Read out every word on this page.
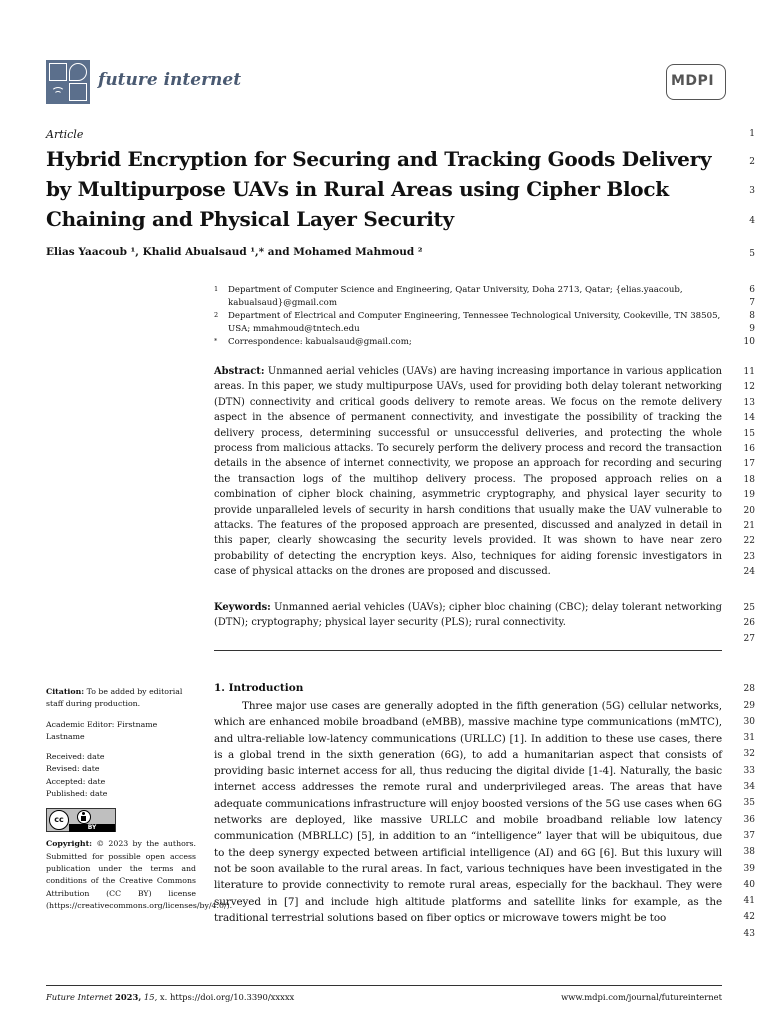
future internet	MDPI
1
2
3
4
5
6
7
8
9
10
11
12
13
14
15
16
17
18
19
20
21
22
23
24
25
26
27
28
29
30
31
32
33
34
35
36
37
38
39
40
41
42
43
Article
Hybrid Encryption for Securing and Tracking Goods Delivery by Multipurpose UAVs in Rural Areas using Cipher Block Chaining and Physical Layer Security
Elias Yaacoub ¹, Khalid Abualsaud ¹,* and Mohamed Mahmoud ²
1 Department of Computer Science and Engineering, Qatar University, Doha 2713, Qatar; {elias.yaacoub, kabualsaud}@gmail.com
2 Department of Electrical and Computer Engineering, Tennessee Technological University, Cookeville, TN 38505, USA; mmahmoud@tntech.edu
* Correspondence: kabualsaud@gmail.com;
Abstract: Unmanned aerial vehicles (UAVs) are having increasing importance in various application areas. In this paper, we study multipurpose UAVs, used for providing both delay tolerant networking (DTN) connectivity and critical goods delivery to remote areas. We focus on the remote delivery aspect in the absence of permanent connectivity, and investigate the possibility of tracking the delivery process, determining successful or unsuccessful deliveries, and protecting the whole process from malicious attacks. To securely perform the delivery process and record the transaction details in the absence of internet connectivity, we propose an approach for recording and securing the transaction logs of the multihop delivery process. The proposed approach relies on a combination of cipher block chaining, asymmetric cryptography, and physical layer security to provide unparalleled levels of security in harsh conditions that usually make the UAV vulnerable to attacks. The features of the proposed approach are presented, discussed and analyzed in detail in this paper, clearly showcasing the security levels provided. It was shown to have near zero probability of detecting the encryption keys. Also, techniques for aiding forensic investigators in case of physical attacks on the drones are proposed and discussed.
Keywords: Unmanned aerial vehicles (UAVs); cipher bloc chaining (CBC); delay tolerant networking (DTN); cryptography; physical layer security (PLS); rural connectivity.
Citation: To be added by editorial staff during production.
Academic Editor: Firstname Lastname
Received: date
Revised: date
Accepted: date
Published: date
cc
BY
Copyright: © 2023 by the authors. Submitted for possible open access publication under the terms and conditions of the Creative Commons Attribution (CC BY) license (https://creativecommons.org/licenses/by/4.0/).
1. Introduction

Three major use cases are generally adopted in the fifth generation (5G) cellular networks, which are enhanced mobile broadband (eMBB), massive machine type communications (mMTC), and ultra-reliable low-latency communications (URLLC) [1]. In addition to these use cases, there is a global trend in the sixth generation (6G), to add a humanitarian aspect that consists of providing basic internet access for all, thus reducing the digital divide [1-4]. Naturally, the basic internet access addresses the remote rural and underprivileged areas. The areas that have adequate communications infrastructure will enjoy boosted versions of the 5G use cases when 6G networks are deployed, like massive URLLC and mobile broadband reliable low latency communication (MBRLLC) [5], in addition to an “intelligence” layer that will be ubiquitous, due to the deep synergy expected between artificial intelligence (AI) and 6G [6]. But this luxury will not be soon available to the rural areas. In fact, various techniques have been investigated in the literature to provide connectivity to remote rural areas, especially for the backhaul. They were surveyed in [7] and include high altitude platforms and satellite links for example, as the traditional terrestrial solutions based on fiber optics or microwave towers might be too

Future Internet 2023, 15, x. https://doi.org/10.3390/xxxxx	www.mdpi.com/journal/futureinternet
